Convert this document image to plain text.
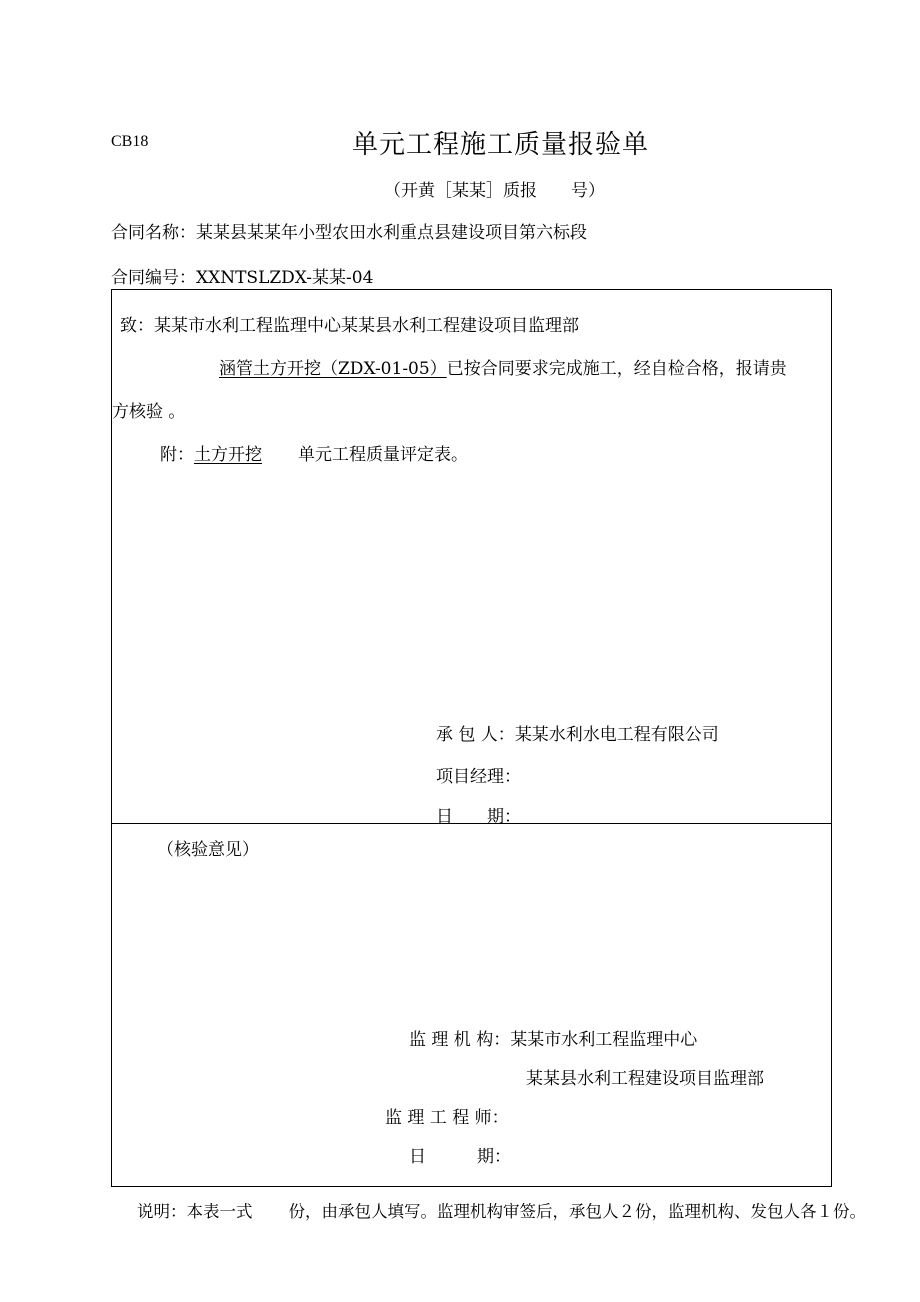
CB18	单元工程施工质量报验单
（开黄［某某］质报　　号）
合同名称：某某县某某年小型农田水利重点县建设项目第六标段
合同编号：XXNTSLZDX-某某-04
致：某某市水利工程监理中心某某县水利工程建设项目监理部
涵管土方开挖（ZDX-01-05）已按合同要求完成施工，经自检合格，报请贵
方核验 。
附：土方开挖 单元工程质量评定表。
承 包 人：某某水利水电工程有限公司
项目经理：
日　　期：
（核验意见）
监 理 机 构：某某市水利工程监理中心
某某县水利工程建设项目监理部
监 理 工 程 师：
日　　　期：
说明：本表一式 份，由承包人填写。监理机构审签后，承包人２份，监理机构、发包人各１份。
